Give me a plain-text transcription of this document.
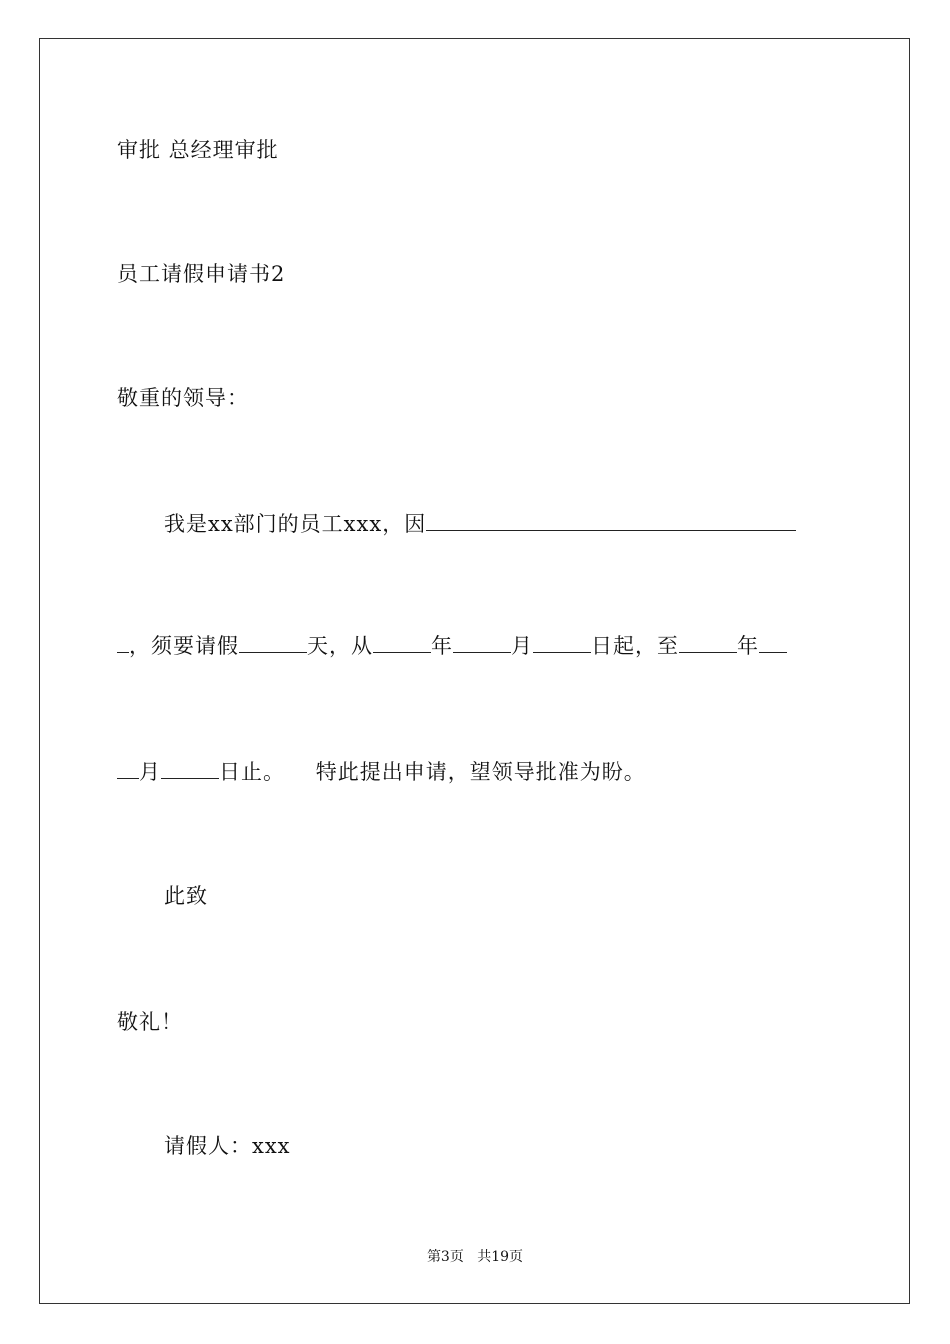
审批 总经理审批
员工请假申请书2
敬重的领导：
我是xx部门的员工xxx，因
，须要请假	天，从	年	月	日起，至	年
月	日止。 特此提出申请，望领导批准为盼。
此致
敬礼！
请假人：xxx
第3页 共19页
